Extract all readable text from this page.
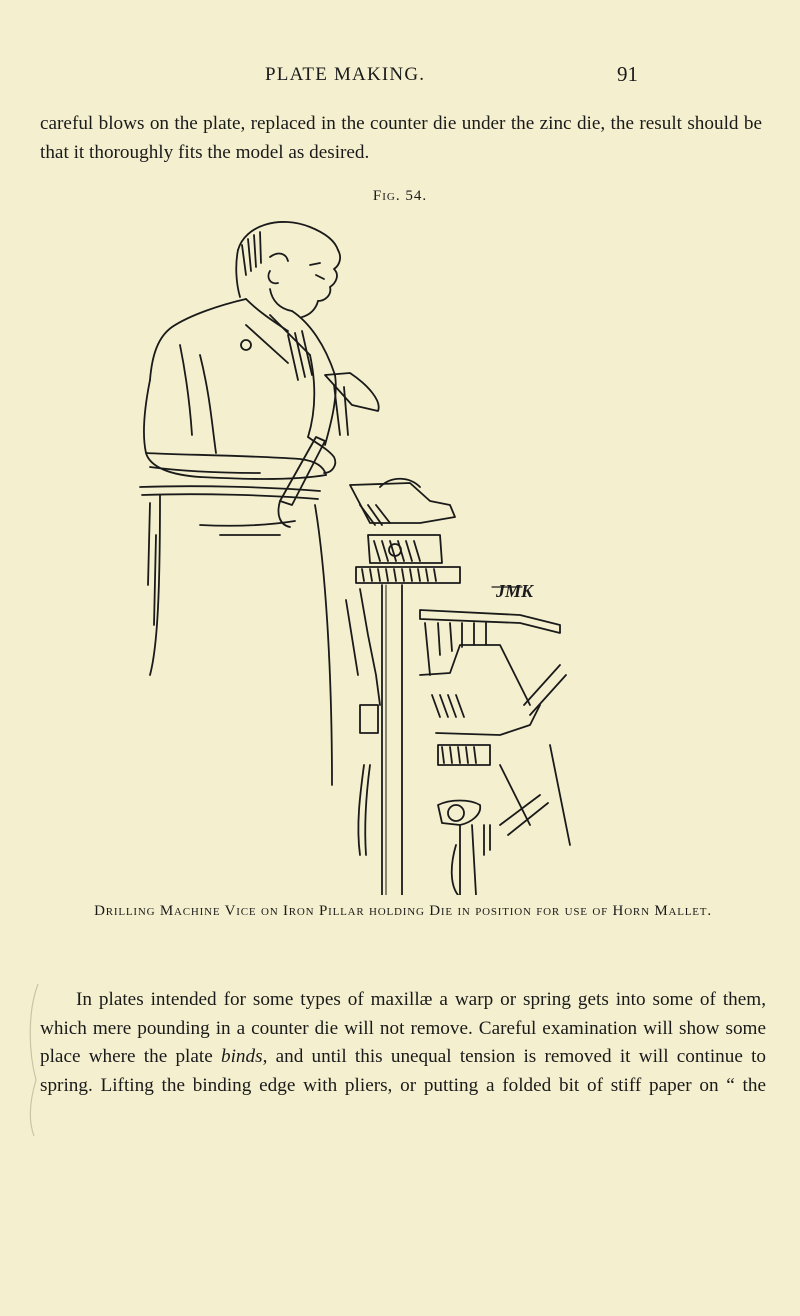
PLATE MAKING.	91

careful blows on the plate, replaced in the counter die under the zinc die, the result should be that it thoroughly fits the model as desired.

Fig. 54.
JMK
Drilling Machine Vice on Iron Pillar holding Die in position for use of Horn Mallet.

In plates intended for some types of maxillæ a warp or spring gets into some of them, which mere pounding in a counter die will not remove. Careful examination will show some place where the plate binds, and until this unequal tension is removed it will continue to spring. Lifting the binding edge with pliers, or putting a folded bit of stiff paper on “ the
